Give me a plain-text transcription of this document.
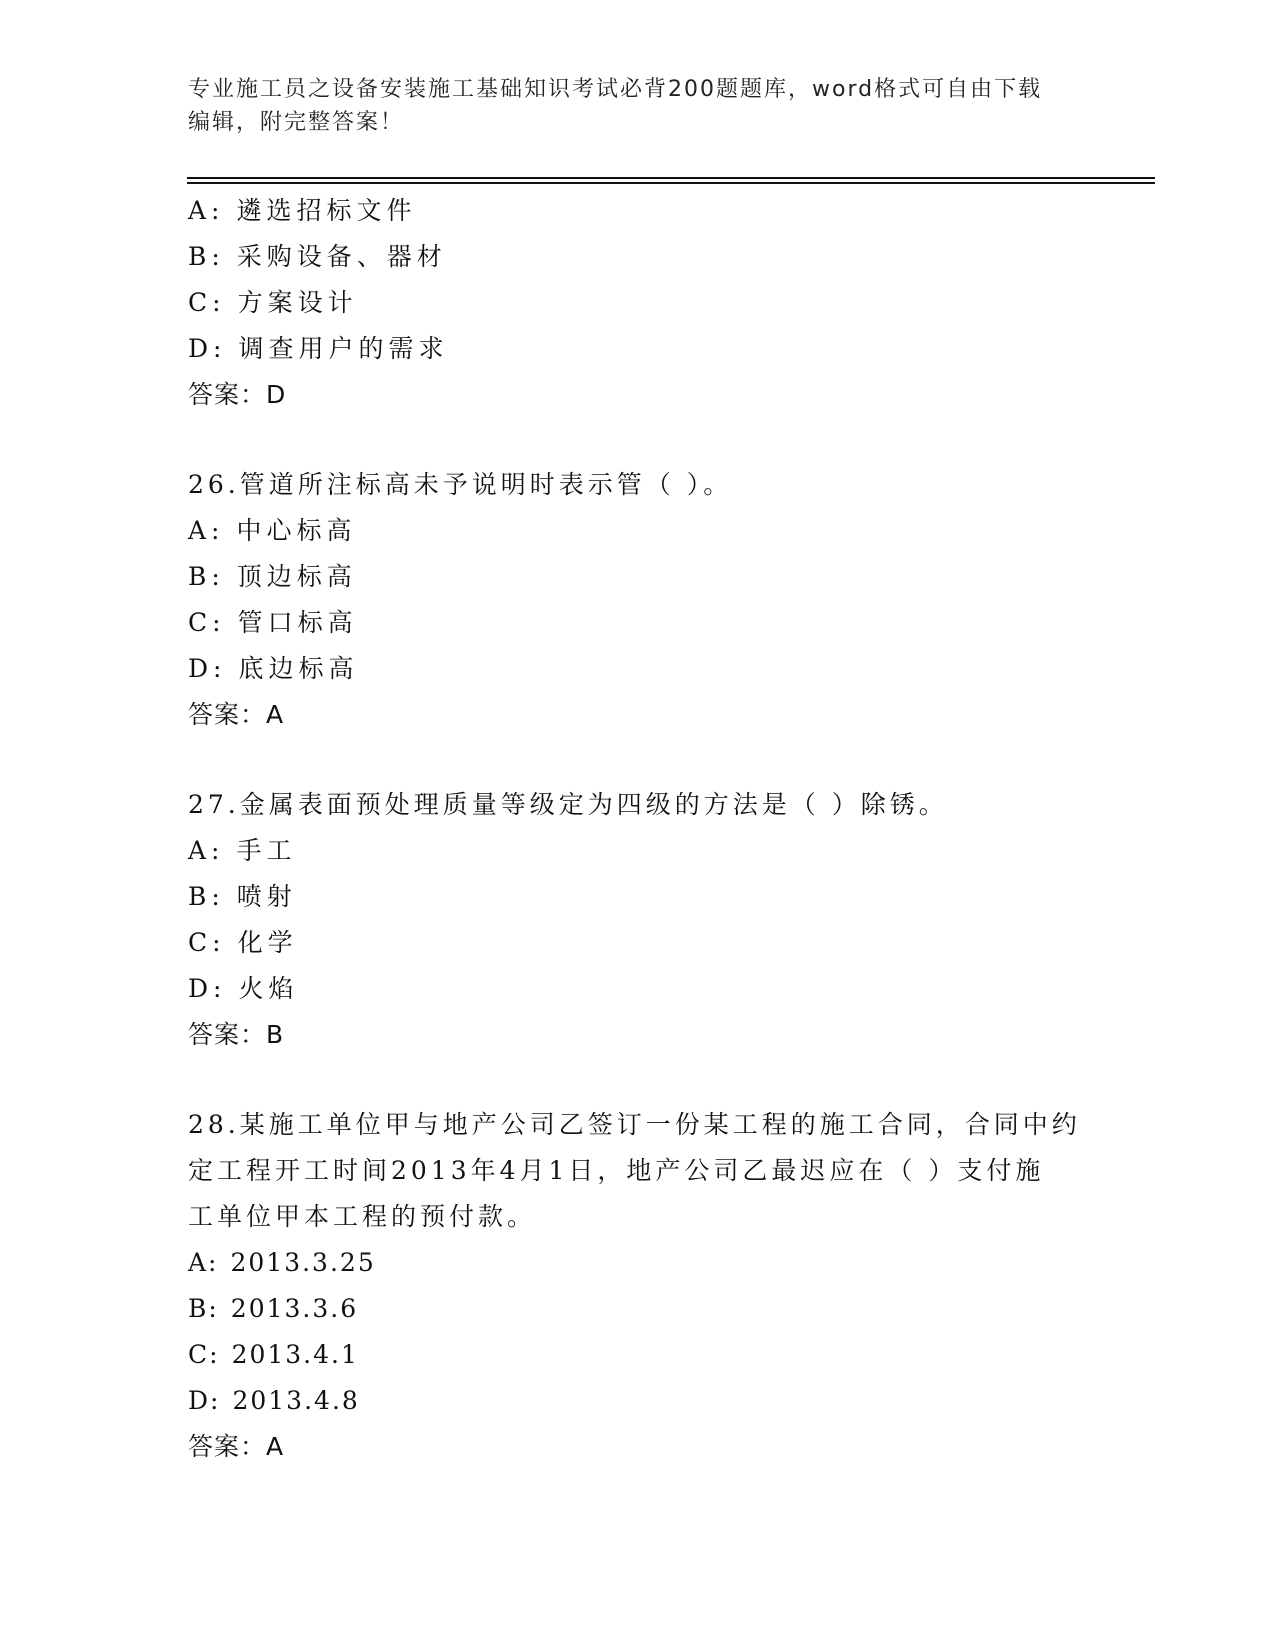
专业施工员之设备安装施工基础知识考试必背200题题库，word格式可自由下载
编辑，附完整答案！
A: 遴选招标文件
B: 采购设备、器材
C: 方案设计
D: 调查用户的需求
答案：D
26.管道所注标高未予说明时表示管（ ）。
A: 中心标高
B: 顶边标高
C: 管口标高
D: 底边标高
答案：A
27.金属表面预处理质量等级定为四级的方法是（ ）除锈。
A: 手工
B: 喷射
C: 化学
D: 火焰
答案：B
28.某施工单位甲与地产公司乙签订一份某工程的施工合同，合同中约
定工程开工时间2013年4月1日，地产公司乙最迟应在（ ）支付施
工单位甲本工程的预付款。
A: 2013.3.25
B: 2013.3.6
C: 2013.4.1
D: 2013.4.8
答案：A
